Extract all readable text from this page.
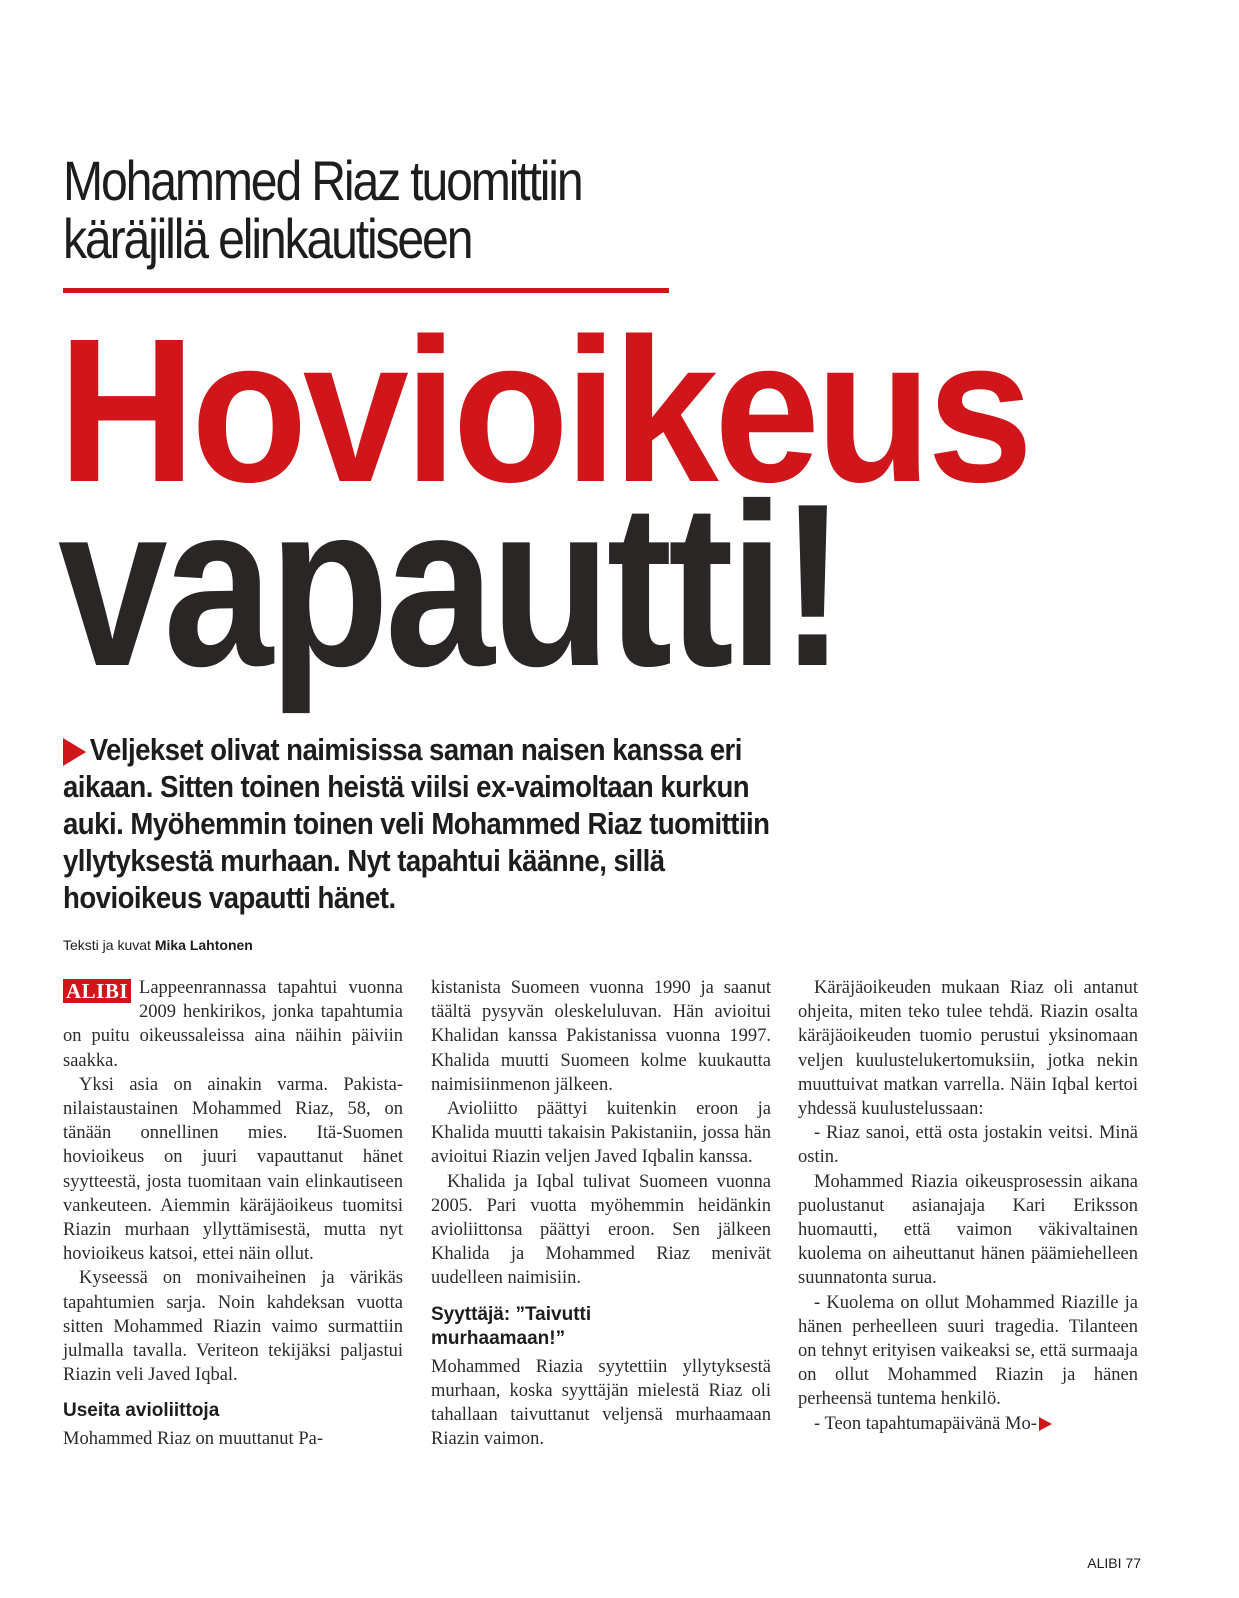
Mohammed Riaz tuomittiin
käräjillä elinkautiseen
Hovioikeus
vapautti!

Veljekset olivat naimisissa saman naisen kanssa eri aikaan. Sitten toinen heistä viilsi ex-vaimoltaan kurkun auki. Myöhemmin toinen veli Mohammed Riaz tuomittiin yllytyksestä murhaan. Nyt tapahtui käänne, sillä hovioikeus vapautti hänet.

Teksti ja kuvat Mika Lahtonen

ALIBI Lappeenrannassa tapahtui vuonna 2009 henkirikos, jonka tapahtumia on puitu oikeussaleissa aina näihin päiviin saakka.

Yksi asia on ainakin varma. Pakistanilaistaustainen Mohammed Riaz, 58, on tänään onnellinen mies. Itä-Suomen hovioikeus on juuri vapauttanut hänet syytteestä, josta tuomitaan vain elinkautiseen vankeuteen. Aiemmin käräjäoikeus tuomitsi Riazin murhaan yllyttämisestä, mutta nyt hovioikeus katsoi, ettei näin ollut.

Kyseessä on monivaiheinen ja värikäs tapahtumien sarja. Noin kahdeksan vuotta sitten Mohammed Riazin vaimo surmattiin julmalla tavalla. Veriteon tekijäksi paljastui Riazin veli Javed Iqbal.

Useita avioliittoja

Mohammed Riaz on muuttanut Pa-

kistanista Suomeen vuonna 1990 ja saanut täältä pysyvän oleskeluluvan. Hän avioitui Khalidan kanssa Pakistanissa vuonna 1997. Khalida muutti Suomeen kolme kuukautta naimisiinmenon jälkeen.

Avioliitto päättyi kuitenkin eroon ja Khalida muutti takaisin Pakistaniin, jossa hän avioitui Riazin veljen Javed Iqbalin kanssa.

Khalida ja Iqbal tulivat Suomeen vuonna 2005. Pari vuotta myöhemmin heidänkin avioliittonsa päättyi eroon. Sen jälkeen Khalida ja Mohammed Riaz menivät uudelleen naimisiin.

Syyttäjä: ”Taivutti
murhaamaan!”

Mohammed Riazia syytettiin yllytyksestä murhaan, koska syyttäjän mielestä Riaz oli tahallaan taivuttanut veljensä murhaamaan Riazin vaimon.

Käräjäoikeuden mukaan Riaz oli antanut ohjeita, miten teko tulee tehdä. Riazin osalta käräjäoikeuden tuomio perustui yksinomaan veljen kuulustelukertomuksiin, jotka nekin muuttuivat matkan varrella. Näin Iqbal kertoi yhdessä kuulustelussaan:

- Riaz sanoi, että osta jostakin veitsi. Minä ostin.

Mohammed Riazia oikeusprosessin aikana puolustanut asianajaja Kari Eriksson huomautti, että vaimon väkivaltainen kuolema on aiheuttanut hänen päämiehelleen suunnatonta surua.

- Kuolema on ollut Mohammed Riazille ja hänen perheelleen suuri tragedia. Tilanteen on tehnyt erityisen vaikeaksi se, että surmaaja on ollut Mohammed Riazin ja hänen perheensä tuntema henkilö.

- Teon tapahtumapäivänä Mo-

ALIBI 77
